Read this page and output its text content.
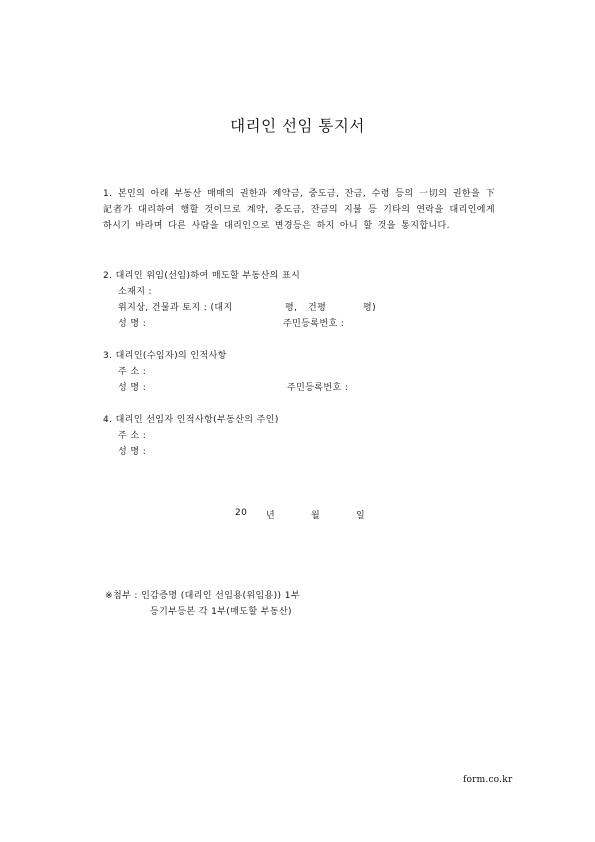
대리인 선임 통지서
1. 본인의 아래 부동산 매매의 권한과 계약금, 중도금, 잔금, 수령 등의 一切의 권한을 下記者가 대리하여 행할 것이므로 계약, 중도금, 잔금의 지불 등 기타의 연락을 대리인에게 하시기 바라며 다른 사람을 대리인으로 변경등은 하지 아니 할 것을 통지합니다.
2. 대리인 위임(선임)하여 매도할 부동산의 표시
소재지 :
위지상, 건물과 토지 : (대지	평, 건평	평)
성 명 :	주민등록번호 :
3. 대리인(수임자)의 인적사항
주 소 :
성 명 :	주민등록번호 :
4. 대리인 선임자 인적사항(부동산의 주인)
주 소 :
성 명 :
20 년	월	일
※첨부 : 인감증명 (대리인 선임용(위임용)) 1부
등기부등본 각 1부(매도할 부동산)
form.co.kr
